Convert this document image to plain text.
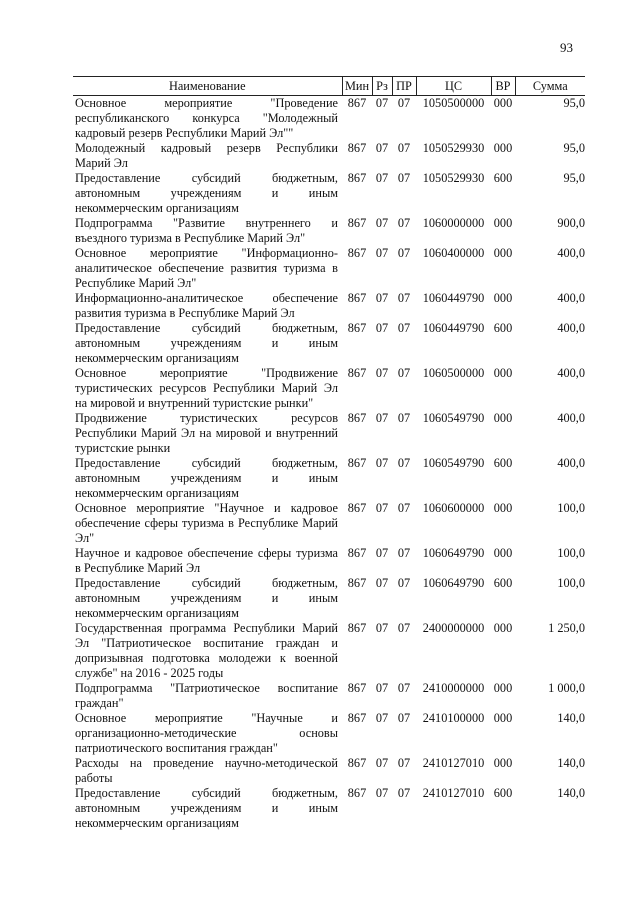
93
Наименование	Мин	Рз	ПР	ЦС	ВР	Сумма
Основное мероприятие "Проведение республиканского конкурса "Молодежный кадровый резерв Республики Марий Эл""	867	07	07	1050500000	000	95,0
Молодежный кадровый резерв Республики Марий Эл	867	07	07	1050529930	000	95,0
Предоставление субсидий бюджетным, автономным учреждениям и иным некоммерческим организациям	867	07	07	1050529930	600	95,0
Подпрограмма "Развитие внутреннего и въездного туризма в Республике Марий Эл"	867	07	07	1060000000	000	900,0
Основное мероприятие "Информационно-аналитическое обеспечение развития туризма в Республике Марий Эл"	867	07	07	1060400000	000	400,0
Информационно-аналитическое обеспечение развития туризма в Республике Марий Эл	867	07	07	1060449790	000	400,0
Предоставление субсидий бюджетным, автономным учреждениям и иным некоммерческим организациям	867	07	07	1060449790	600	400,0
Основное мероприятие "Продвижение туристических ресурсов Республики Марий Эл на мировой и внутренний туристские рынки"	867	07	07	1060500000	000	400,0
Продвижение туристических ресурсов Республики Марий Эл на мировой и внутренний туристские рынки	867	07	07	1060549790	000	400,0
Предоставление субсидий бюджетным, автономным учреждениям и иным некоммерческим организациям	867	07	07	1060549790	600	400,0
Основное мероприятие "Научное и кадровое обеспечение сферы туризма в Республике Марий Эл"	867	07	07	1060600000	000	100,0
Научное и кадровое обеспечение сферы туризма в Республике Марий Эл	867	07	07	1060649790	000	100,0
Предоставление субсидий бюджетным, автономным учреждениям и иным некоммерческим организациям	867	07	07	1060649790	600	100,0
Государственная программа Республики Марий Эл "Патриотическое воспитание граждан и допризывная подготовка молодежи к военной службе" на 2016 - 2025 годы	867	07	07	2400000000	000	1 250,0
Подпрограмма "Патриотическое воспитание граждан"	867	07	07	2410000000	000	1 000,0
Основное мероприятие "Научные и организационно-методические основы патриотического воспитания граждан"	867	07	07	2410100000	000	140,0
Расходы на проведение научно-методической работы	867	07	07	2410127010	000	140,0
Предоставление субсидий бюджетным, автономным учреждениям и иным некоммерческим организациям	867	07	07	2410127010	600	140,0
